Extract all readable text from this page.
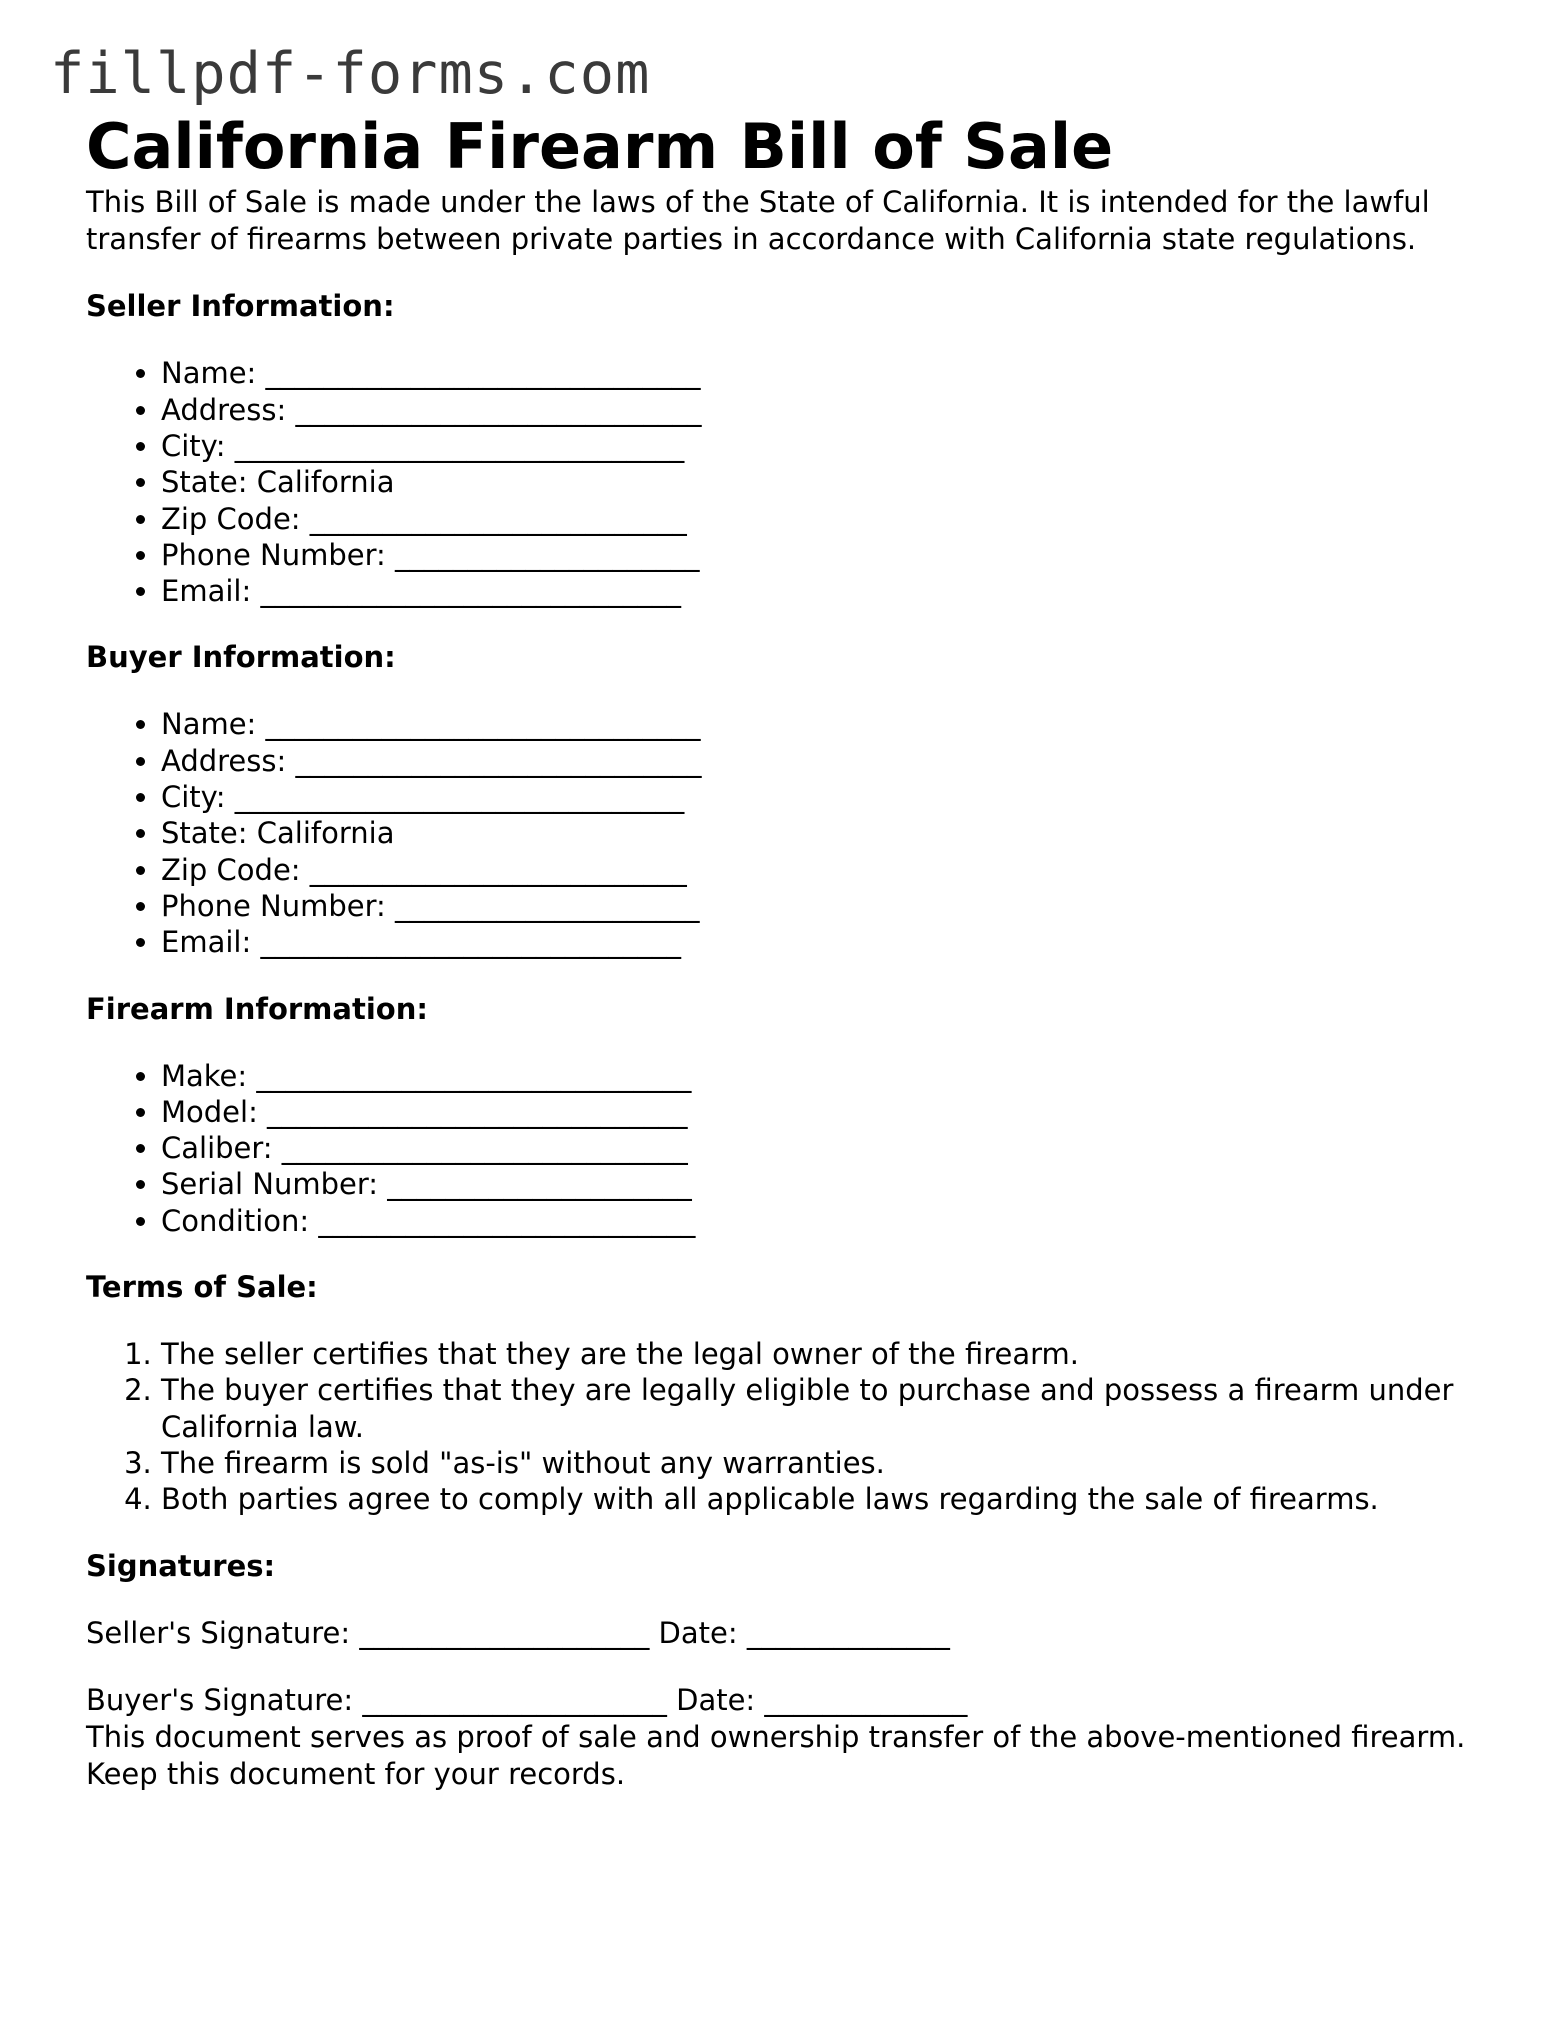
fillpdf-forms.com
California Firearm Bill of Sale

This Bill of Sale is made under the laws of the State of California. It is intended for the lawful transfer of firearms between private parties in accordance with California state regulations.

Seller Information:
• Name: ______________________________
• Address: ____________________________
• City: _______________________________
• State: California
• Zip Code: __________________________
• Phone Number: _____________________
• Email: _____________________________
Buyer Information:
• Name: ______________________________
• Address: ____________________________
• City: _______________________________
• State: California
• Zip Code: __________________________
• Phone Number: _____________________
• Email: _____________________________
Firearm Information:
• Make: ______________________________
• Model: _____________________________
• Caliber: ____________________________
• Serial Number: _____________________
• Condition: __________________________
Terms of Sale:
1. The seller certifies that they are the legal owner of the firearm.
2. The buyer certifies that they are legally eligible to purchase and possess a firearm under California law.
3. The firearm is sold "as-is" without any warranties.
4. Both parties agree to comply with all applicable laws regarding the sale of firearms.
Signatures:
Seller's Signature: ____________________ Date: ______________
Buyer's Signature: _____________________ Date: ______________

This document serves as proof of sale and ownership transfer of the above-mentioned firearm. Keep this document for your records.
